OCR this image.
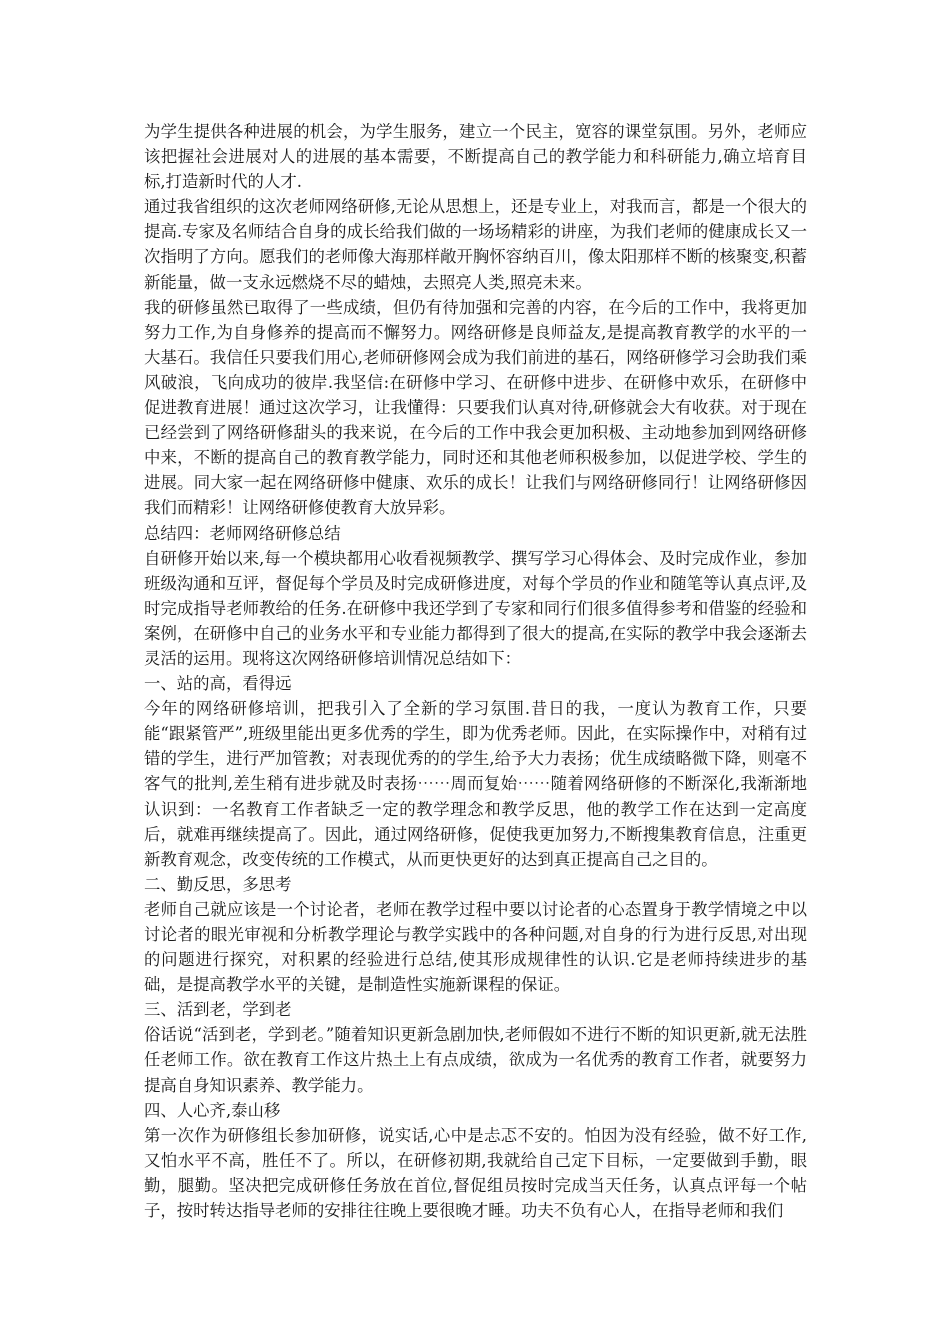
为学生提供各种进展的机会，为学生服务，建立一个民主，宽容的课堂氛围。另外，老师应该把握社会进展对人的进展的基本需要，不断提高自己的教学能力和科研能力,确立培育目标,打造新时代的人才.

通过我省组织的这次老师网络研修,无论从思想上，还是专业上，对我而言，都是一个很大的提高.专家及名师结合自身的成长给我们做的一场场精彩的讲座，为我们老师的健康成长又一次指明了方向。愿我们的老师像大海那样敞开胸怀容纳百川，像太阳那样不断的核聚变,积蓄新能量，做一支永远燃烧不尽的蜡烛，去照亮人类,照亮未来。

我的研修虽然已取得了一些成绩，但仍有待加强和完善的内容，在今后的工作中，我将更加努力工作,为自身修养的提高而不懈努力。网络研修是良师益友,是提高教育教学的水平的一大基石。我信任只要我们用心,老师研修网会成为我们前进的基石，网络研修学习会助我们乘风破浪，飞向成功的彼岸.我坚信:在研修中学习、在研修中进步、在研修中欢乐，在研修中促进教育进展！通过这次学习，让我懂得：只要我们认真对待,研修就会大有收获。对于现在已经尝到了网络研修甜头的我来说，在今后的工作中我会更加积极、主动地参加到网络研修中来，不断的提高自己的教育教学能力，同时还和其他老师积极参加，以促进学校、学生的进展。同大家一起在网络研修中健康、欢乐的成长！让我们与网络研修同行！让网络研修因我们而精彩！让网络研修使教育大放异彩。

总结四：老师网络研修总结

自研修开始以来,每一个模块都用心收看视频教学、撰写学习心得体会、及时完成作业，参加班级沟通和互评，督促每个学员及时完成研修进度，对每个学员的作业和随笔等认真点评,及时完成指导老师教给的任务.在研修中我还学到了专家和同行们很多值得参考和借鉴的经验和案例，在研修中自己的业务水平和专业能力都得到了很大的提高,在实际的教学中我会逐渐去灵活的运用。现将这次网络研修培训情况总结如下：

一、站的高，看得远

今年的网络研修培训，把我引入了全新的学习氛围.昔日的我，一度认为教育工作，只要能“跟紧管严”,班级里能出更多优秀的学生，即为优秀老师。因此，在实际操作中，对稍有过错的学生，进行严加管教；对表现优秀的的学生,给予大力表扬；优生成绩略微下降，则毫不客气的批判,差生稍有进步就及时表扬⋯⋯周而复始⋯⋯随着网络研修的不断深化,我渐渐地认识到：一名教育工作者缺乏一定的教学理念和教学反思，他的教学工作在达到一定高度后，就难再继续提高了。因此，通过网络研修，促使我更加努力,不断搜集教育信息，注重更新教育观念，改变传统的工作模式，从而更快更好的达到真正提高自己之目的。

二、勤反思，多思考

老师自己就应该是一个讨论者，老师在教学过程中要以讨论者的心态置身于教学情境之中以讨论者的眼光审视和分析教学理论与教学实践中的各种问题,对自身的行为进行反思,对出现的问题进行探究，对积累的经验进行总结,使其形成规律性的认识.它是老师持续进步的基础，是提高教学水平的关键，是制造性实施新课程的保证。

三、活到老，学到老

俗话说“活到老，学到老。”随着知识更新急剧加快,老师假如不进行不断的知识更新,就无法胜任老师工作。欲在教育工作这片热土上有点成绩，欲成为一名优秀的教育工作者，就要努力提高自身知识素养、教学能力。

四、人心齐,泰山移

第一次作为研修组长参加研修，说实话,心中是忐忑不安的。怕因为没有经验，做不好工作,又怕水平不高，胜任不了。所以，在研修初期,我就给自己定下目标，一定要做到手勤，眼勤，腿勤。坚决把完成研修任务放在首位,督促组员按时完成当天任务，认真点评每一个帖子，按时转达指导老师的安排往往晚上要很晚才睡。功夫不负有心人，在指导老师和我们
